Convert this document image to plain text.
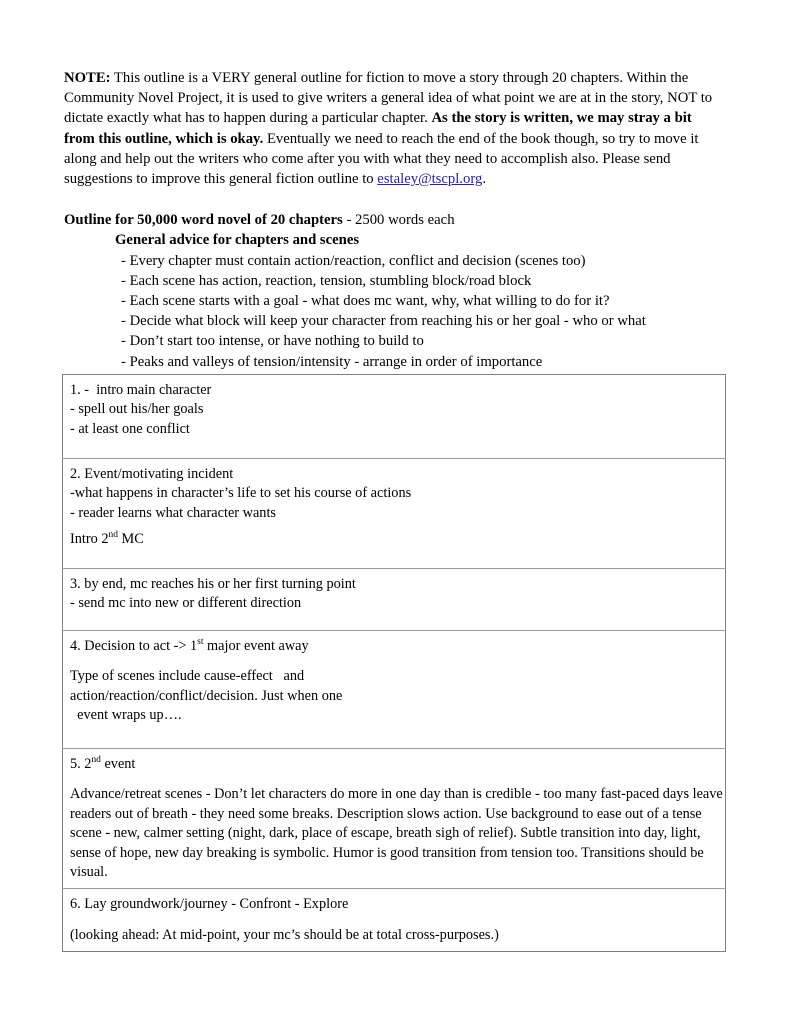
NOTE: This outline is a VERY general outline for fiction to move a story through 20 chapters. Within the Community Novel Project, it is used to give writers a general idea of what point we are at in the story, NOT to dictate exactly what has to happen during a particular chapter. As the story is written, we may stray a bit from this outline, which is okay. Eventually we need to reach the end of the book though, so try to move it along and help out the writers who come after you with what they need to accomplish also. Please send suggestions to improve this general fiction outline to estaley@tscpl.org.

Outline for 50,000 word novel of 20 chapters - 2500 words each

General advice for chapters and scenes

- Every chapter must contain action/reaction, conflict and decision (scenes too)
- Each scene has action, reaction, tension, stumbling block/road block
- Each scene starts with a goal - what does mc want, why, what willing to do for it?
- Decide what block will keep your character from reaching his or her goal - who or what
- Don’t start too intense, or have nothing to build to
- Peaks and valleys of tension/intensity - arrange in order of importance

1. -  intro main character

- spell out his/her goals

- at least one conflict

2. Event/motivating incident

-what happens in character’s life to set his course of actions

- reader learns what character wants

Intro 2nd MC

3. by end, mc reaches his or her first turning point

- send mc into new or different direction

4. Decision to act -> 1st major event away

Type of scenes include cause-effect   and

action/reaction/conflict/decision. Just when one

event wraps up….

5. 2nd event

Advance/retreat scenes - Don’t let characters do more in one day than is credible - too many fast-paced days leave readers out of breath - they need some breaks. Description slows action. Use background to ease out of a tense scene - new, calmer setting (night, dark, place of escape, breath sigh of relief). Subtle transition into day, light, sense of hope, new day breaking is symbolic. Humor is good transition from tension too. Transitions should be visual.

6. Lay groundwork/journey - Confront - Explore

(looking ahead: At mid-point, your mc’s should be at total cross-purposes.)
